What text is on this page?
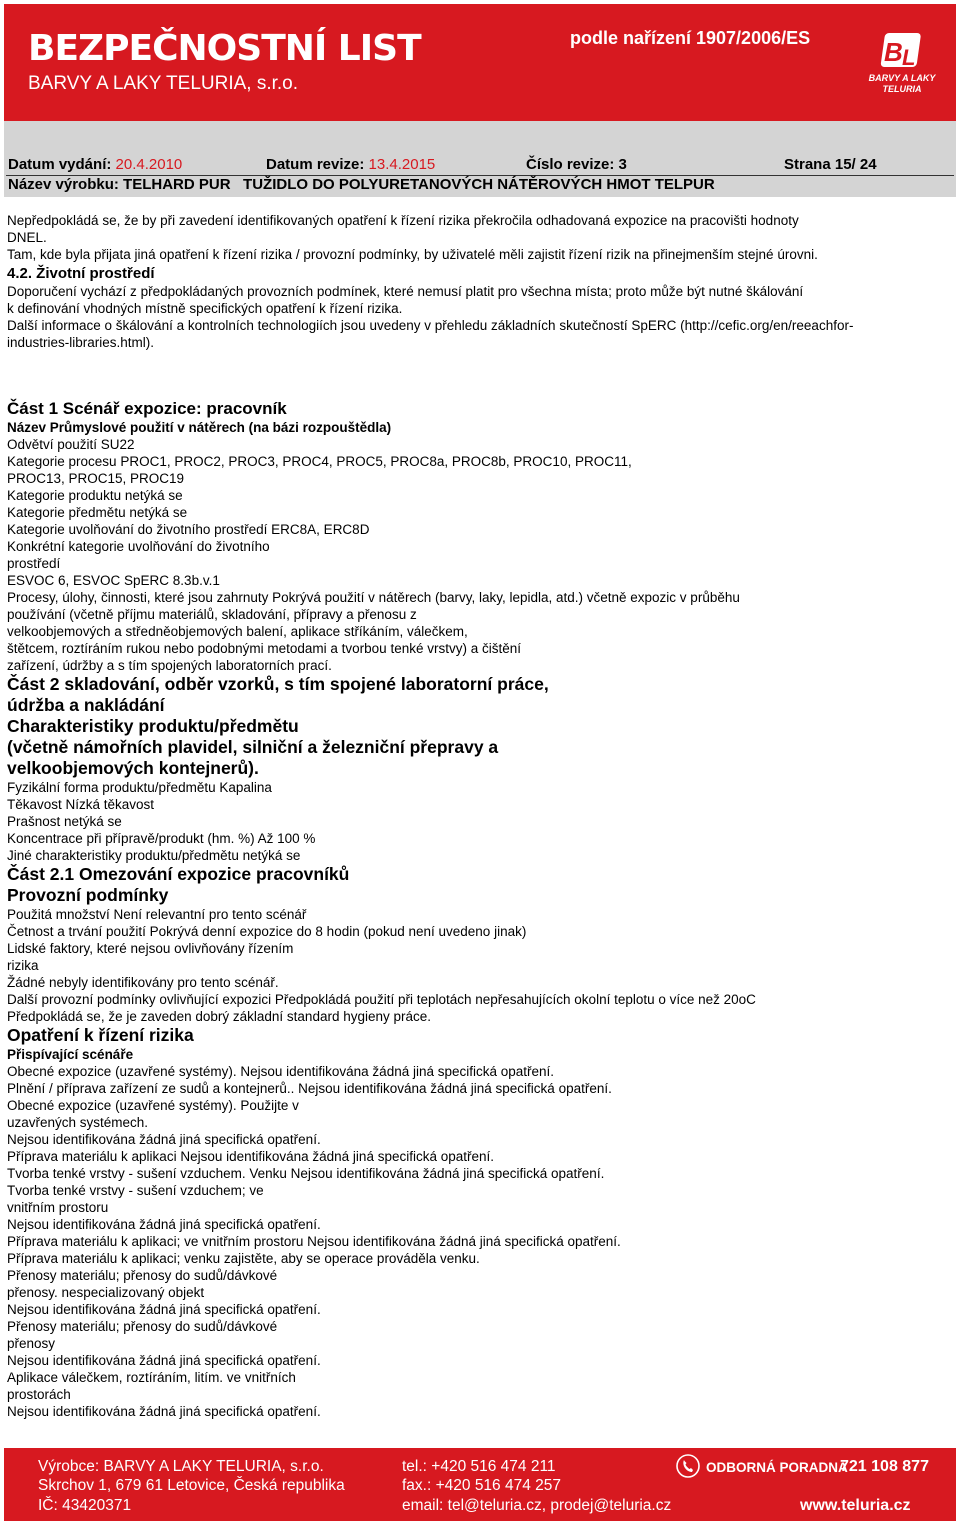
BEZPEČNOSTNÍ LIST
BARVY A LAKY TELURIA, s.r.o.
podle nařízení 1907/2006/ES	B L
BARVY A LAKY
TELURIA
Datum vydání: 20.4.2010	Datum revize: 13.4.2015	Číslo revize: 3	Strana 15/ 24
Název výrobku: TELHARD PUR   TUŽIDLO DO POLYURETANOVÝCH NÁTĚROVÝCH HMOT TELPUR

Nepředpokládá se, že by při zavedení identifikovaných opatření k řízení rizika překročila odhadovaná expozice na pracovišti hodnoty
DNEL.

Tam, kde byla přijata jiná opatření k řízení rizika / provozní podmínky, by uživatelé měli zajistit řízení rizik na přinejmenším stejné úrovni.

4.2. Životní prostředí

Doporučení vychází z předpokládaných provozních podmínek, které nemusí platit pro všechna místa; proto může být nutné škálování
k definování vhodných místně specifických opatření k řízení rizika.

Další informace o škálování a kontrolních technologiích jsou uvedeny v přehledu základních skutečností SpERC (http://cefic.org/en/reeachfor-
industries-libraries.html).

Část 1 Scénář expozice: pracovník

Název Průmyslové použití v nátěrech (na bázi rozpouštědla)

Odvětví použití SU22
Kategorie procesu PROC1, PROC2, PROC3, PROC4, PROC5, PROC8a, PROC8b, PROC10, PROC11,
PROC13, PROC15, PROC19
Kategorie produktu netýká se
Kategorie předmětu netýká se
Kategorie uvolňování do životního prostředí ERC8A, ERC8D
Konkrétní kategorie uvolňování do životního
prostředí
ESVOC 6, ESVOC SpERC 8.3b.v.1
Procesy, úlohy, činnosti, které jsou zahrnuty Pokrývá použití v nátěrech (barvy, laky, lepidla, atd.) včetně expozic v průběhu
používání (včetně příjmu materiálů, skladování, přípravy a přenosu z
velkoobjemových a středněobjemových balení, aplikace stříkáním, válečkem,
štětcem, roztíráním rukou nebo podobnými metodami a tvorbou tenké vrstvy) a čištění
zařízení, údržby a s tím spojených laboratorních prací.

Část 2 skladování, odběr vzorků, s tím spojené laboratorní práce,
údržba a nakládání

Charakteristiky produktu/předmětu
(včetně námořních plavidel, silniční a železniční přepravy a
velkoobjemových kontejnerů).

Fyzikální forma produktu/předmětu Kapalina
Těkavost Nízká těkavost
Prašnost netýká se
Koncentrace při přípravě/produkt (hm. %) Až 100 %
Jiné charakteristiky produktu/předmětu netýká se

Část 2.1 Omezování expozice pracovníků

Provozní podmínky

Použitá množství Není relevantní pro tento scénář
Četnost a trvání použití Pokrývá denní expozice do 8 hodin (pokud není uvedeno jinak)
Lidské faktory, které nejsou ovlivňovány řízením
rizika
Žádné nebyly identifikovány pro tento scénář.
Další provozní podmínky ovlivňující expozici Předpokládá použití při teplotách nepřesahujících okolní teplotu o více než 20oC
Předpokládá se, že je zaveden dobrý základní standard hygieny práce.

Opatření k řízení rizika

Přispívající scénáře

Obecné expozice (uzavřené systémy). Nejsou identifikována žádná jiná specifická opatření.
Plnění / příprava zařízení ze sudů a kontejnerů.. Nejsou identifikována žádná jiná specifická opatření.
Obecné expozice (uzavřené systémy). Použijte v
uzavřených systémech.
Nejsou identifikována žádná jiná specifická opatření.
Příprava materiálu k aplikaci Nejsou identifikována žádná jiná specifická opatření.
Tvorba tenké vrstvy - sušení vzduchem. Venku Nejsou identifikována žádná jiná specifická opatření.
Tvorba tenké vrstvy - sušení vzduchem; ve
vnitřním prostoru
Nejsou identifikována žádná jiná specifická opatření.
Příprava materiálu k aplikaci; ve vnitřním prostoru Nejsou identifikována žádná jiná specifická opatření.
Příprava materiálu k aplikaci; venku zajistěte, aby se operace prováděla venku.
Přenosy materiálu; přenosy do sudů/dávkové
přenosy. nespecializovaný objekt
Nejsou identifikována žádná jiná specifická opatření.
Přenosy materiálu; přenosy do sudů/dávkové
přenosy
Nejsou identifikována žádná jiná specifická opatření.
Aplikace válečkem, roztíráním, litím. ve vnitřních
prostorách
Nejsou identifikována žádná jiná specifická opatření.

Výrobce: BARVY A LAKY TELURIA, s.r.o.
Skrchov 1, 679 61 Letovice, Česká republika
IČ: 43420371
tel.: +420 516 474 211
fax.: +420 516 474 257
email: tel@teluria.cz, prodej@teluria.cz
ODBORNÁ PORADNA
721 108 877
www.teluria.cz
